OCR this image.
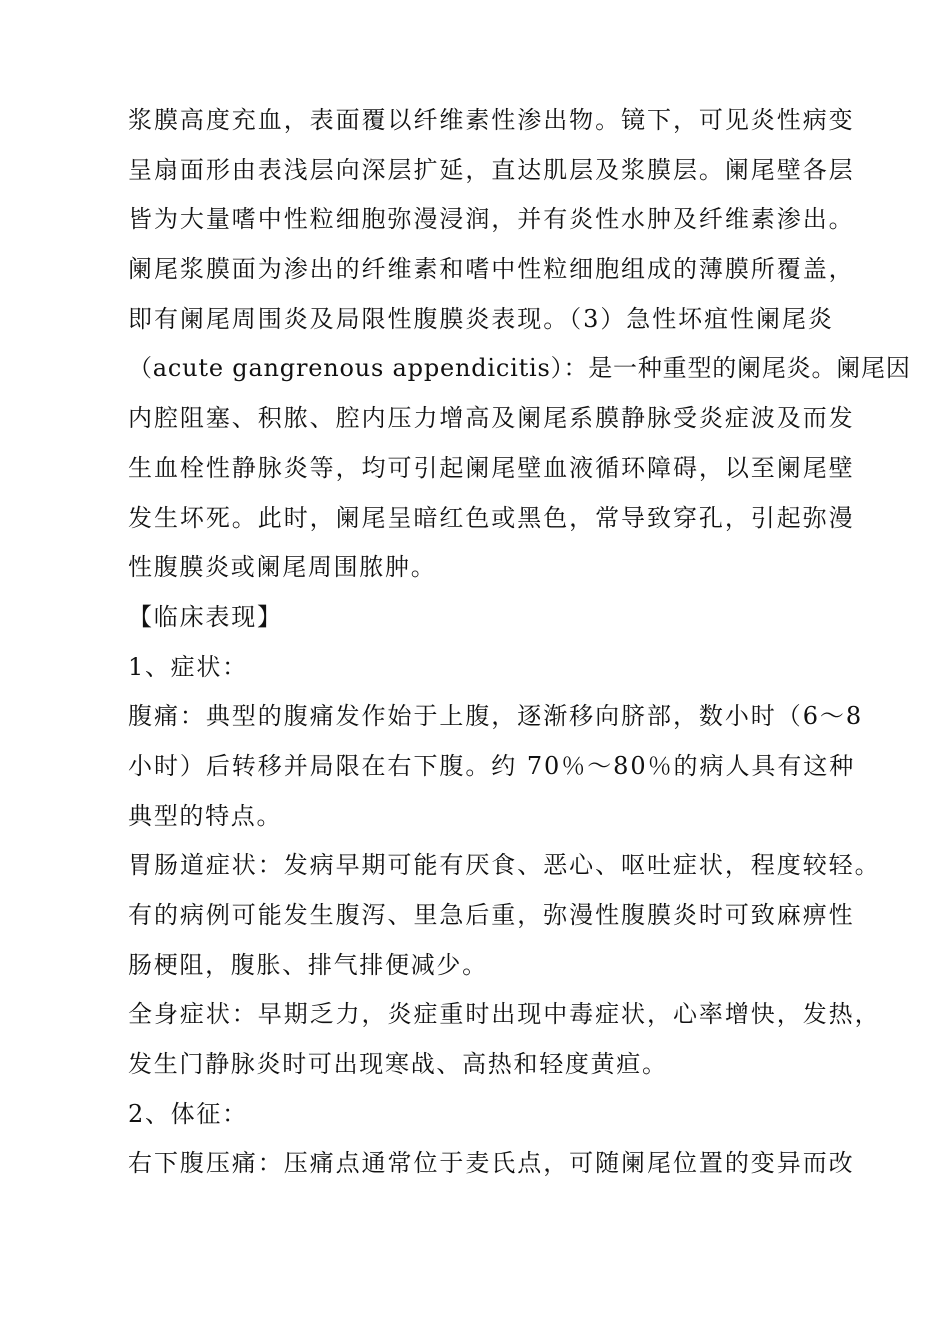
浆膜高度充血，表面覆以纤维素性渗出物。镜下，可见炎性病变
呈扇面形由表浅层向深层扩延，直达肌层及浆膜层。阑尾壁各层
皆为大量嗜中性粒细胞弥漫浸润，并有炎性水肿及纤维素渗出。
阑尾浆膜面为渗出的纤维素和嗜中性粒细胞组成的薄膜所覆盖，
即有阑尾周围炎及局限性腹膜炎表现。（3）急性坏疽性阑尾炎
（acute gangrenous appendicitis）：是一种重型的阑尾炎。阑尾因
内腔阻塞、积脓、腔内压力增高及阑尾系膜静脉受炎症波及而发
生血栓性静脉炎等，均可引起阑尾壁血液循环障碍，以至阑尾壁
发生坏死。此时，阑尾呈暗红色或黑色，常导致穿孔，引起弥漫
性腹膜炎或阑尾周围脓肿。
【临床表现】
1、症状：
腹痛：典型的腹痛发作始于上腹，逐渐移向脐部，数小时（6～8
小时）后转移并局限在右下腹。约 70％～80％的病人具有这种
典型的特点。
胃肠道症状：发病早期可能有厌食、恶心、呕吐症状，程度较轻。
有的病例可能发生腹泻、里急后重，弥漫性腹膜炎时可致麻痹性
肠梗阻，腹胀、排气排便减少。
全身症状：早期乏力，炎症重时出现中毒症状，心率增快，发热，
发生门静脉炎时可出现寒战、高热和轻度黄疸。
2、体征：
右下腹压痛：压痛点通常位于麦氏点，可随阑尾位置的变异而改
